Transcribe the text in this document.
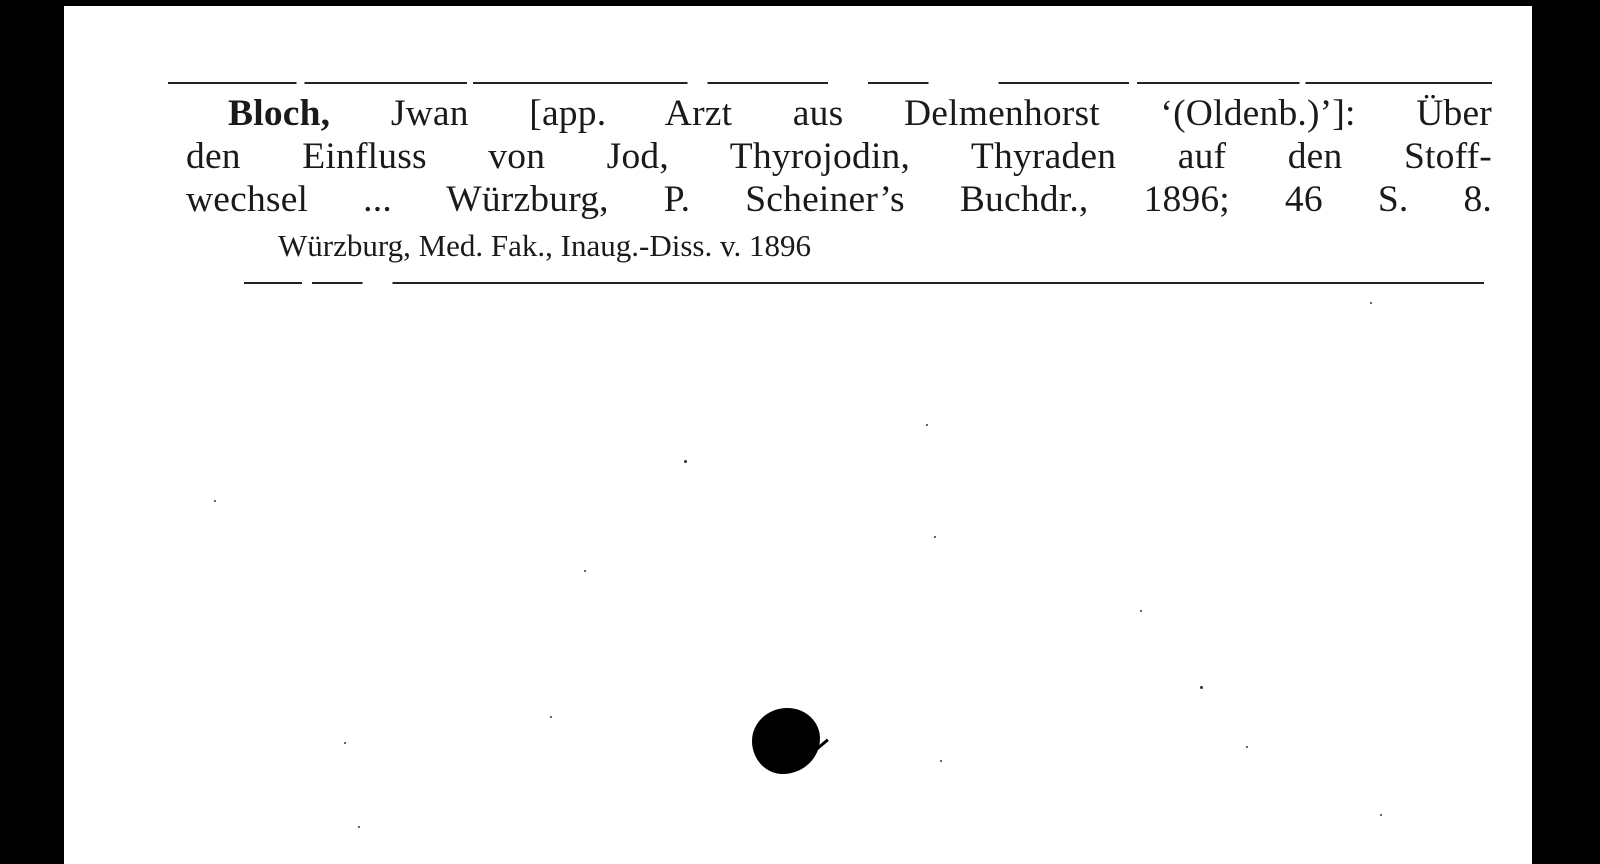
Bloch, Jwan [app. Arzt aus Delmenhorst ‘(Oldenb.)’]: Über
den Einfluss von Jod, Thyrojodin, Thyraden auf den Stoff-
wechsel ... Würzburg, P. Scheiner’s Buchdr., 1896; 46 S. 8.
Würzburg, Med. Fak., Inaug.-Diss. v. 1896
